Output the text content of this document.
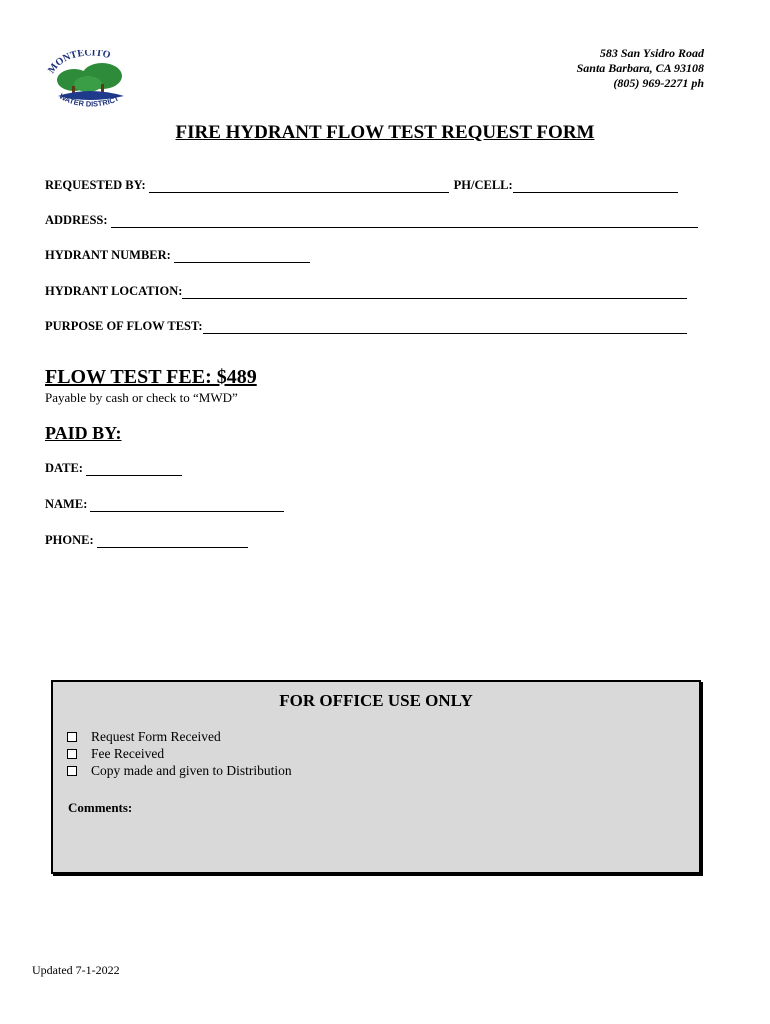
MONTECITO
WATER DISTRICT
583 San Ysidro Road
Santa Barbara, CA 93108
(805) 969-2271 ph
FIRE HYDRANT FLOW TEST REQUEST FORM
REQUESTED BY:	PH/CELL:
ADDRESS:
HYDRANT NUMBER:
HYDRANT LOCATION:
PURPOSE OF FLOW TEST:
FLOW TEST FEE: $489
Payable by cash or check to “MWD”
PAID BY:
DATE:
NAME:
PHONE:
FOR OFFICE USE ONLY
Request Form Received
Fee Received
Copy made and given to Distribution
Comments:
Updated 7-1-2022
